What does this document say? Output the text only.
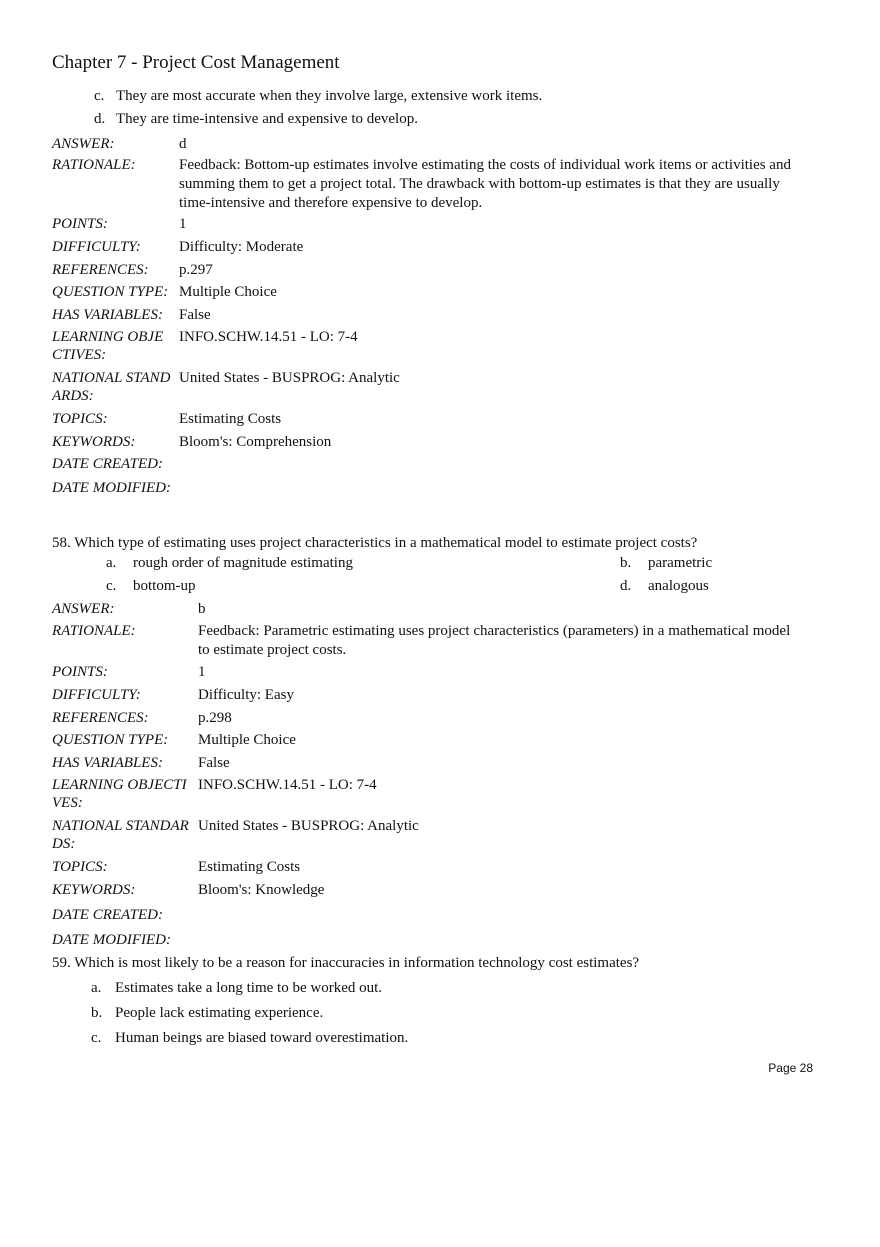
Chapter 7 - Project Cost Management
c. They are most accurate when they involve large, extensive work items.
d. They are time-intensive and expensive to develop.
ANSWER:	d
RATIONALE:	Feedback: Bottom-up estimates involve estimating the costs of individual work items or activities and
summing them to get a project total. The drawback with bottom-up estimates is that they are usually
time-intensive and therefore expensive to develop.
POINTS:	1
DIFFICULTY:	Difficulty: Moderate
REFERENCES: p.297
QUESTION TYPE: Multiple Choice
HAS VARIABLES: False
LEARNING OBJE
CTIVES:
INFO.SCHW.14.51 - LO: 7-4
NATIONAL STAND
ARDS:
United States - BUSPROG: Analytic
TOPICS:	Estimating Costs
KEYWORDS:	Bloom's: Comprehension
DATE CREATED:
DATE MODIFIED:
58. Which type of estimating uses project characteristics in a mathematical model to estimate project costs?
a. rough order of magnitude estimating	b. parametric
c. bottom-up	d. analogous
ANSWER:	b
RATIONALE:	Feedback: Parametric estimating uses project characteristics (parameters) in a mathematical model
to estimate project costs.
POINTS:	1
DIFFICULTY:	Difficulty: Easy
REFERENCES:	p.298
QUESTION TYPE: Multiple Choice
HAS VARIABLES: False
LEARNING OBJECTI
VES:
INFO.SCHW.14.51 - LO: 7-4
NATIONAL STANDAR
DS:
United States - BUSPROG: Analytic
TOPICS:	Estimating Costs
KEYWORDS:	Bloom's: Knowledge
DATE CREATED:
DATE MODIFIED:
59. Which is most likely to be a reason for inaccuracies in information technology cost estimates?
a. Estimates take a long time to be worked out.
b. People lack estimating experience.
c. Human beings are biased toward overestimation.
Page 28
